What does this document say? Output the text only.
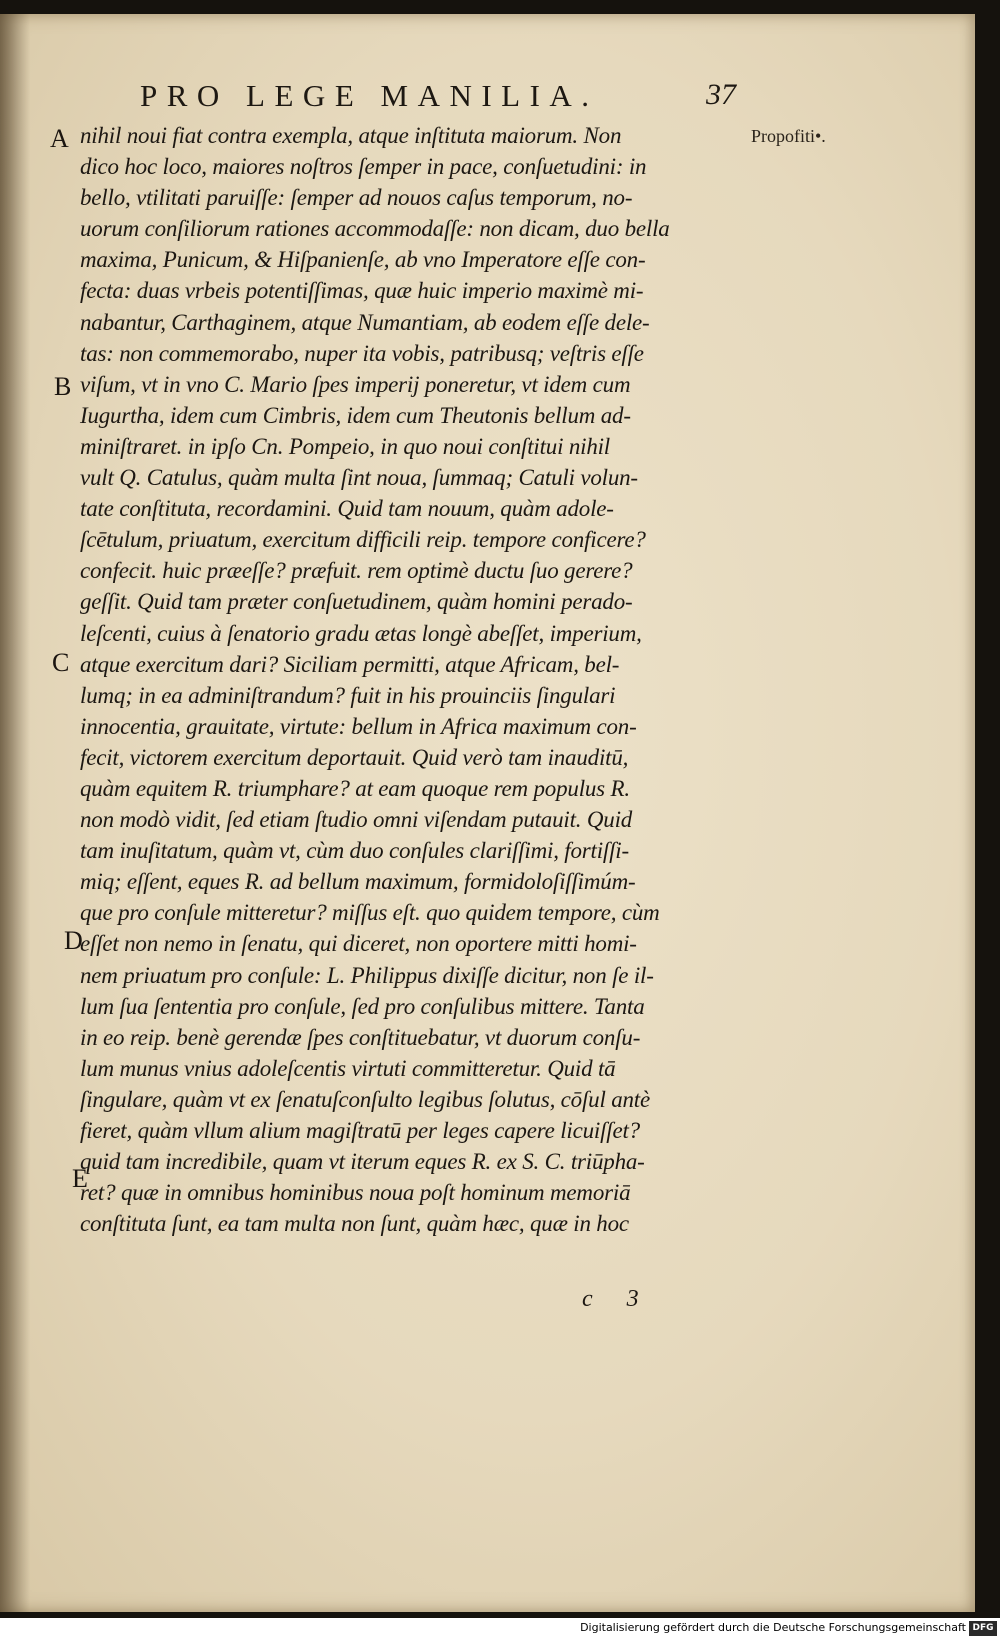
PRO LEGE MANILIA.	37
Propofiti•.
A
B
C
D
E
nihil noui fiat contra exempla, atque inſtituta maiorum. Non
dico hoc loco, maiores noſtros ſemper in pace, conſuetudini: in
bello, vtilitati paruiſſe: ſemper ad nouos caſus temporum, no-
uorum conſiliorum rationes accommodaſſe: non dicam, duo bella
maxima, Punicum, & Hiſpanienſe, ab vno Imperatore eſſe con-
fecta: duas vrbeis potentiſſimas, quæ huic imperio maximè mi-
nabantur, Carthaginem, atque Numantiam, ab eodem eſſe dele-
tas: non commemorabo, nuper ita vobis, patribusq; veſtris eſſe
viſum, vt in vno C. Mario ſpes imperij poneretur, vt idem cum
Iugurtha, idem cum Cimbris, idem cum Theutonis bellum ad-
miniſtraret. in ipſo Cn. Pompeio, in quo noui conſtitui nihil
vult Q. Catulus, quàm multa ſint noua, ſummaq; Catuli volun-
tate conſtituta, recordamini. Quid tam nouum, quàm adole-
ſcētulum, priuatum, exercitum difficili reip. tempore conficere?
confecit. huic præeſſe? præfuit. rem optimè ductu ſuo gerere?
geſſit. Quid tam præter conſuetudinem, quàm homini perado-
leſcenti, cuius à ſenatorio gradu ætas longè abeſſet, imperium,
atque exercitum dari? Siciliam permitti, atque Africam, bel-
lumq; in ea adminiſtrandum? fuit in his prouinciis ſingulari
innocentia, grauitate, virtute: bellum in Africa maximum con-
fecit, victorem exercitum deportauit. Quid verò tam inauditū,
quàm equitem R. triumphare? at eam quoque rem populus R.
non modò vidit, ſed etiam ſtudio omni viſendam putauit. Quid
tam inuſitatum, quàm vt, cùm duo conſules clariſſimi, fortiſſi-
miq; eſſent, eques R. ad bellum maximum, formidoloſiſſimúm-
que pro conſule mitteretur? miſſus eſt. quo quidem tempore, cùm
eſſet non nemo in ſenatu, qui diceret, non oportere mitti homi-
nem priuatum pro conſule: L. Philippus dixiſſe dicitur, non ſe il-
lum ſua ſententia pro conſule, ſed pro conſulibus mittere. Tanta
in eo reip. benè gerendæ ſpes conſtituebatur, vt duorum conſu-
lum munus vnius adoleſcentis virtuti committeretur. Quid tā
ſingulare, quàm vt ex ſenatuſconſulto legibus ſolutus, cōſul antè
fieret, quàm vllum alium magiſtratū per leges capere licuiſſet?
quid tam incredibile, quam vt iterum eques R. ex S. C. triūpha-
ret? quæ in omnibus hominibus noua poſt hominum memoriā
conſtituta ſunt, ea tam multa non ſunt, quàm hæc, quæ in hoc
c 3
Digitalisierung gefördert durch die Deutsche Forschungsgemeinschaft DFG
